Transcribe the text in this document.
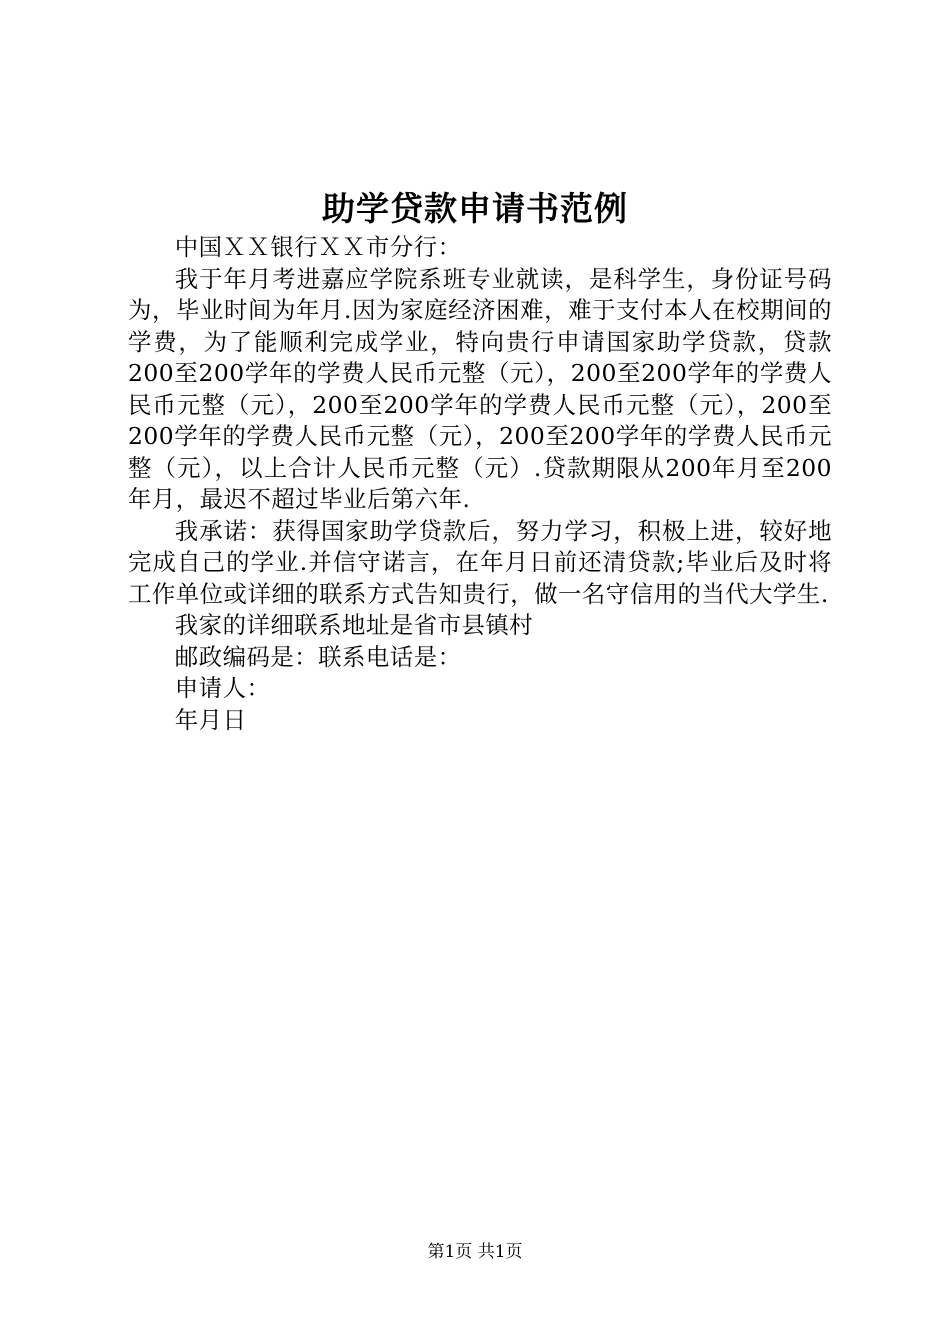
助学贷款申请书范例

中国ＸＸ银行ＸＸ市分行：

我于年月考进嘉应学院系班专业就读，是科学生，身份证号码为，毕业时间为年月.因为家庭经济困难，难于支付本人在校期间的学费，为了能顺利完成学业，特向贵行申请国家助学贷款，贷款200至200学年的学费人民币元整（元），200至200学年的学费人民币元整（元），200至200学年的学费人民币元整（元），200至200学年的学费人民币元整（元），200至200学年的学费人民币元整（元），以上合计人民币元整（元）.贷款期限从200年月至200年月，最迟不超过毕业后第六年.

我承诺：获得国家助学贷款后，努力学习，积极上进，较好地完成自己的学业.并信守诺言，在年月日前还清贷款;毕业后及时将工作单位或详细的联系方式告知贵行，做一名守信用的当代大学生.

我家的详细联系地址是省市县镇村

邮政编码是：联系电话是：

申请人：

年月日

第1页 共1页
